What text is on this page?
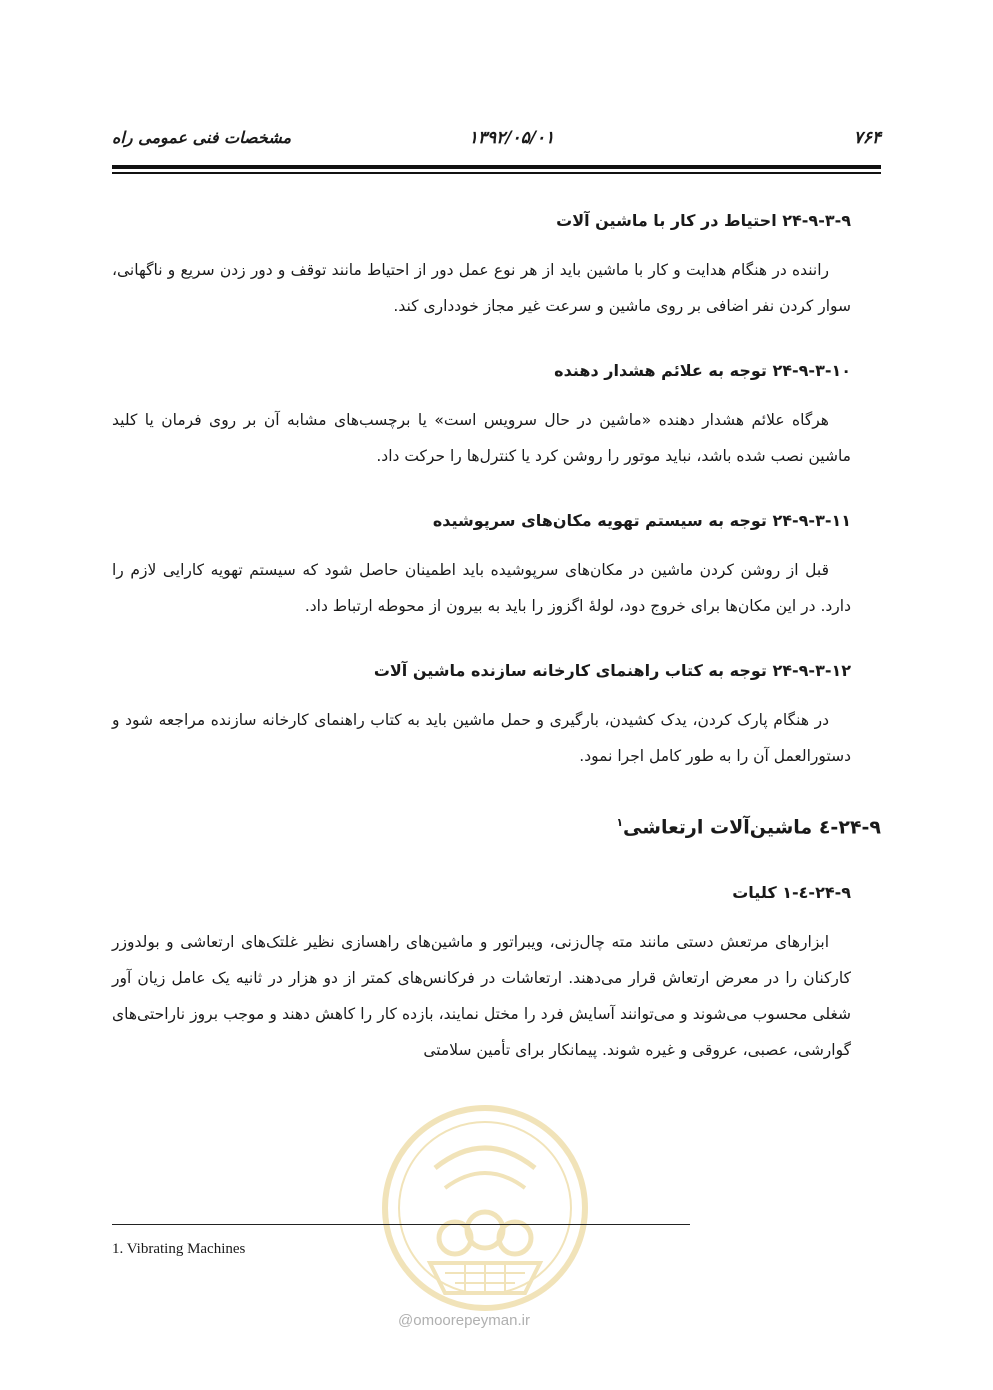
۷۶۴
۱۳۹۲/۰۵/۰۱
مشخصات فنی عمومی راه
۲۴-۹-۳-۹ احتیاط در کار با ماشین آلات

راننده در هنگام هدایت و کار با ماشین باید از هر نوع عمل دور از احتیاط مانند توقف و دور زدن سریع و ناگهانی، سوار کردن نفر اضافی بر روی ماشین و سرعت غیر مجاز خودداری کند.

۲۴-۹-۳-۱۰ توجه به علائم هشدار دهنده

هرگاه علائم هشدار دهنده «ماشین در حال سرویس است» یا برچسب‌های مشابه آن بر روی فرمان یا کلید ماشین نصب شده باشد، نباید موتور را روشن کرد یا کنترل‌ها را حرکت داد.

۲۴-۹-۳-۱۱ توجه به سیستم تهویه مکان‌های سرپوشیده

قبل از روشن کردن ماشین در مکان‌های سرپوشیده باید اطمینان حاصل شود که سیستم تهویه کارایی لازم را دارد. در این مکان‌ها برای خروج دود، لولهٔ اگزوز را باید به بیرون از محوطه ارتباط داد.

۲۴-۹-۳-۱۲ توجه به کتاب راهنمای کارخانه سازنده ماشین آلات

در هنگام پارک کردن، یدک کشیدن، بارگیری و حمل ماشین باید به کتاب راهنمای کارخانه سازنده مراجعه شود و دستورالعمل آن را به طور کامل اجرا نمود.

۲۴-۹-٤ ماشین‌آلات ارتعاشی$^۱$
۲۴-۹-٤-۱ کلیات

ابزارهای مرتعش دستی مانند مته چال‌زنی، ویبراتور و ماشین‌های راهسازی نظیر غلتک‌های ارتعاشی و بولدوزر کارکنان را در معرض ارتعاش قرار می‌دهند. ارتعاشات در فرکانس‌های کمتر از دو هزار در ثانیه یک عامل زیان آور شغلی محسوب می‌شوند و می‌توانند آسایش فرد را مختل نمایند، بازده کار را کاهش دهند و موجب بروز ناراحتی‌های گوارشی، عصبی، عروقی و غیره شوند. پیمانکار برای تأمین سلامتی

@omoorepeyman.ir
1. Vibrating Machines
